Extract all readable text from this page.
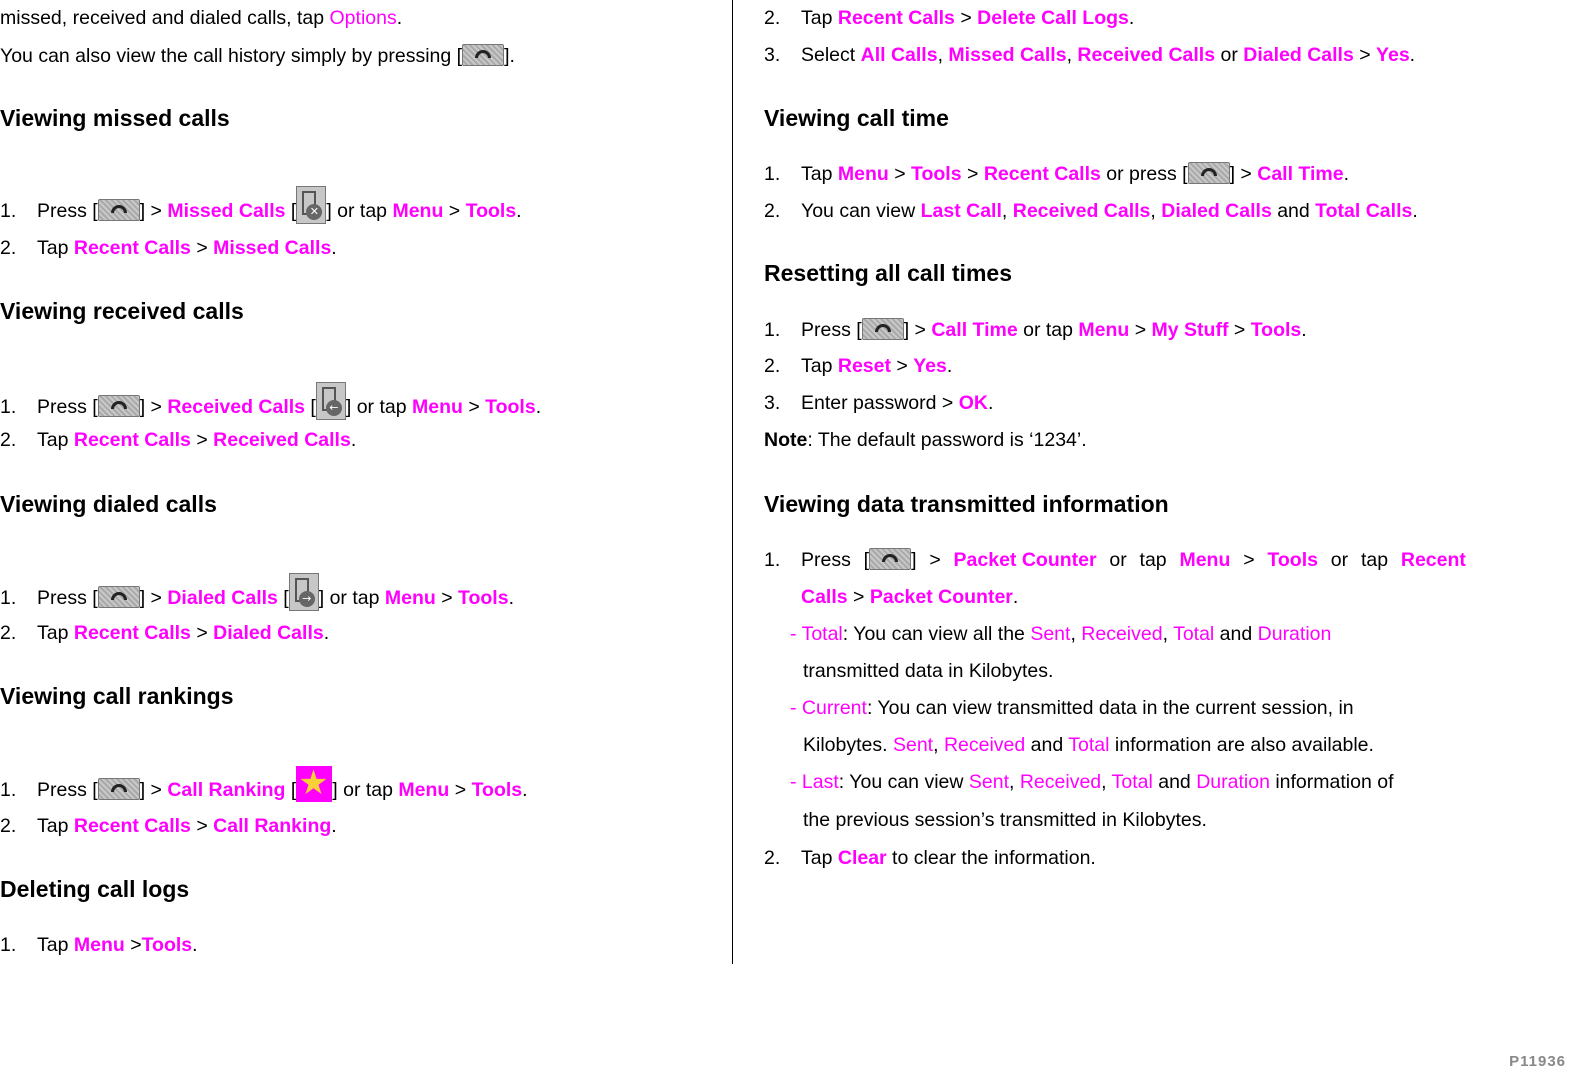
missed, received and dialed calls, tap Options.
You can also view the call history simply by pressing [ ].
Viewing missed calls
1. Press [ ] > Missed Calls [	✕ ] or tap Menu > Tools.
2. Tap Recent Calls > Missed Calls.
Viewing received calls
1. Press [ ] > Received Calls [	← ] or tap Menu > Tools.
2. Tap Recent Calls > Received Calls.
Viewing dialed calls
1. Press [ ] > Dialed Calls [	→ ] or tap Menu > Tools.
2. Tap Recent Calls > Dialed Calls.
Viewing call rankings
1. Press [ ] > Call Ranking [★ ] or tap Menu > Tools.
2. Tap Recent Calls > Call Ranking.
Deleting call logs
1. Tap Menu >Tools.
2. Tap Recent Calls > Delete Call Logs.
3. Select All Calls, Missed Calls, Received Calls or Dialed Calls > Yes.
Viewing call time
1. Tap Menu > Tools > Recent Calls or press [ ] > Call Time.
2. You can view Last Call, Received Calls, Dialed Calls and Total Calls.
Resetting all call times
1. Press [ ] > Call Time or tap Menu > My Stuff > Tools.
2. Tap Reset > Yes.
3. Enter password > OK.
Note: The default password is ‘1234’.
Viewing data transmitted information
1. Press [ ] > Packet Counter or tap Menu > Tools or tap Recent
Calls > Packet Counter.
- Total: You can view all the Sent, Received, Total and Duration
transmitted data in Kilobytes.
- Current: You can view transmitted data in the current session, in
Kilobytes. Sent, Received and Total information are also available.
- Last: You can view Sent, Received, Total and Duration information of
the previous session’s transmitted in Kilobytes.
2. Tap Clear to clear the information.
P11936
